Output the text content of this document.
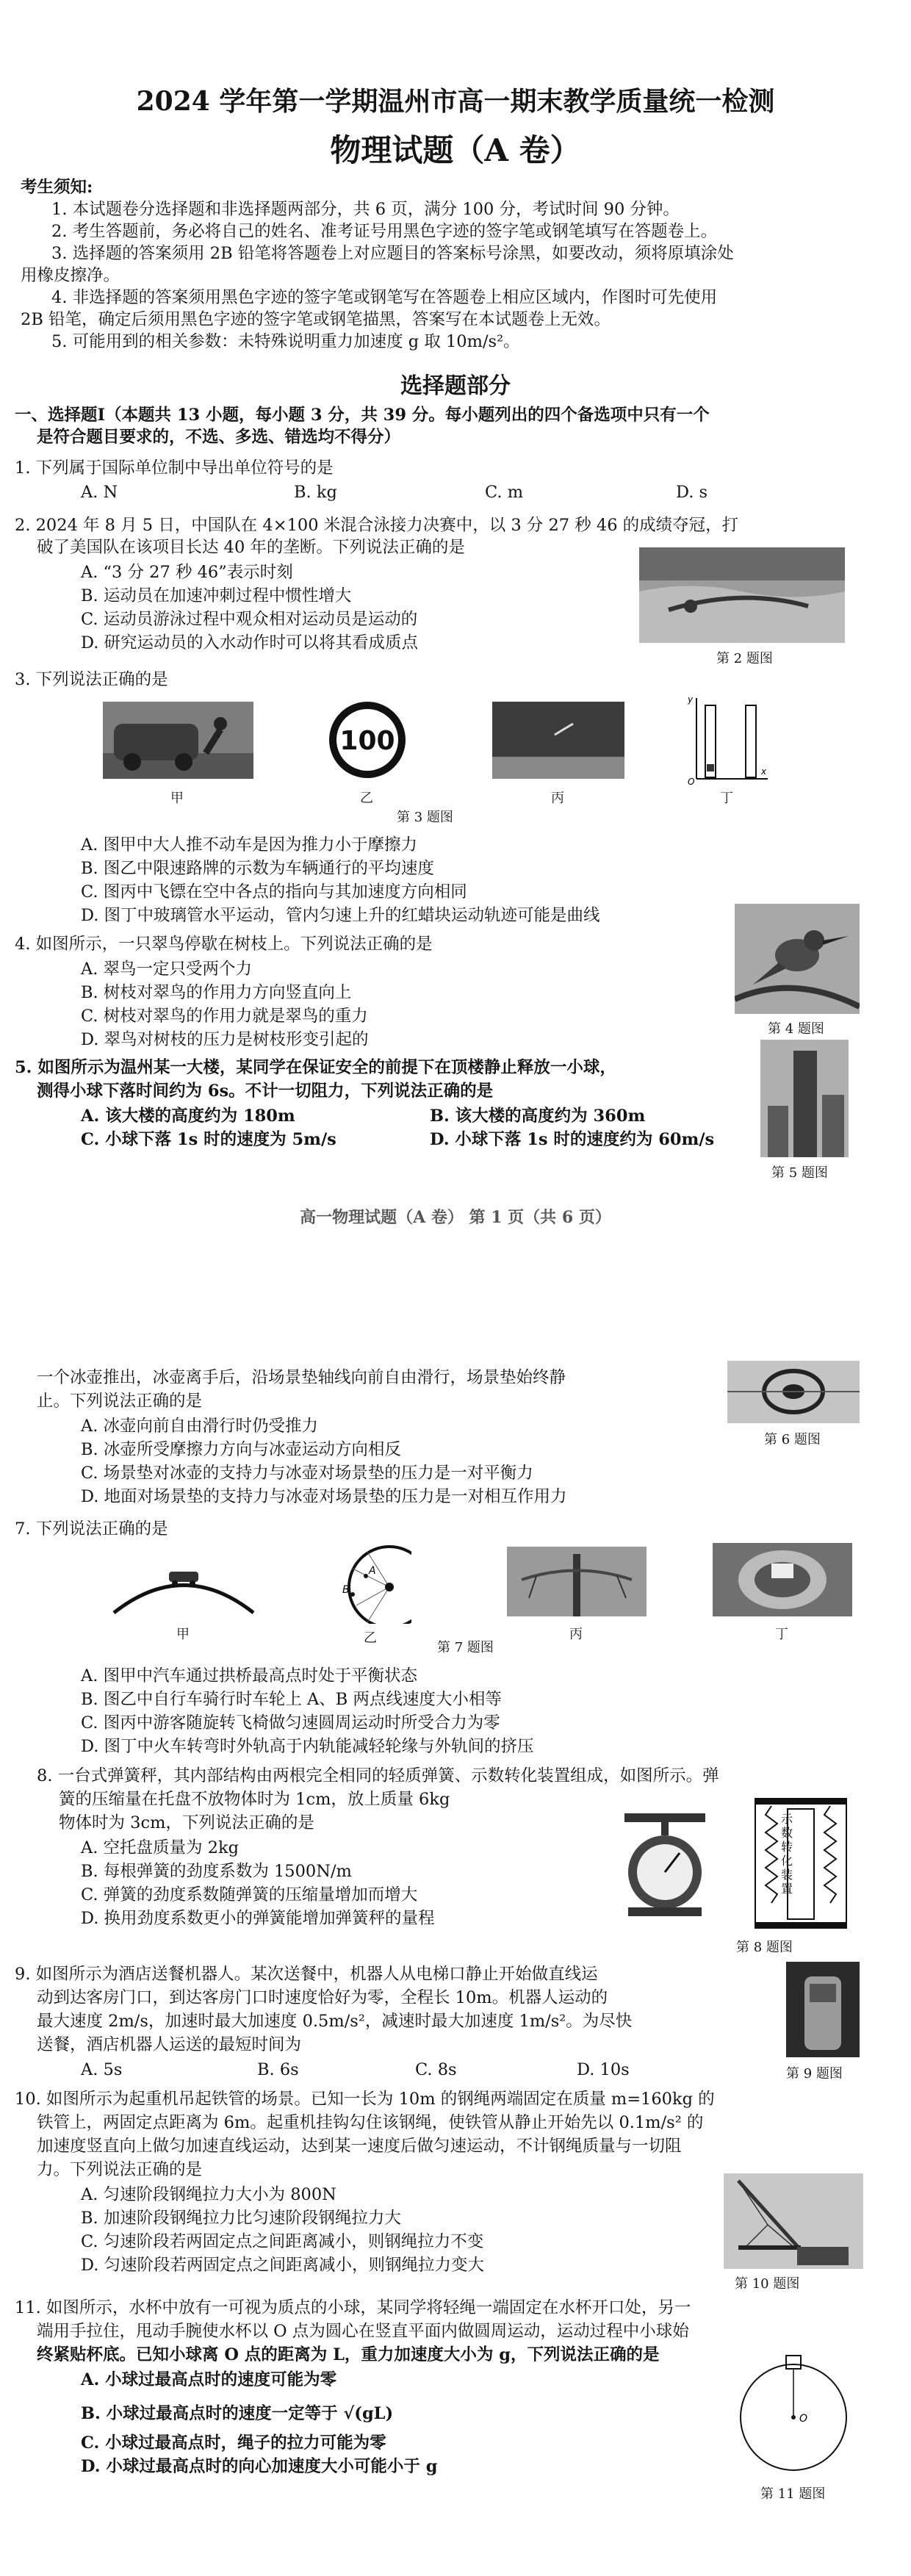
2024 学年第一学期温州市高一期末教学质量统一检测
物理试题（A 卷）
考生须知:
1. 本试题卷分选择题和非选择题两部分，共 6 页，满分 100 分，考试时间 90 分钟。
2. 考生答题前，务必将自己的姓名、准考证号用黑色字迹的签字笔或钢笔填写在答题卷上。
3. 选择题的答案须用 2B 铅笔将答题卷上对应题目的答案标号涂黑，如要改动，须将原填涂处
用橡皮擦净。
4. 非选择题的答案须用黑色字迹的签字笔或钢笔写在答题卷上相应区域内，作图时可先使用
2B 铅笔，确定后须用黑色字迹的签字笔或钢笔描黑，答案写在本试题卷上无效。
5. 可能用到的相关参数：未特殊说明重力加速度 g 取 10m/s²。
选择题部分
一、选择题Ⅰ（本题共 13 小题，每小题 3 分，共 39 分。每小题列出的四个备选项中只有一个
是符合题目要求的，不选、多选、错选均不得分）
1. 下列属于国际单位制中导出单位符号的是
A. N	B. kg	C. m	D. s
2. 2024 年 8 月 5 日，中国队在 4×100 米混合泳接力决赛中，以 3 分 27 秒 46 的成绩夺冠，打
破了美国队在该项目长达 40 年的垄断。下列说法正确的是
A. “3 分 27 秒 46”表示时刻
B. 运动员在加速冲刺过程中惯性增大
C. 运动员游泳过程中观众相对运动员是运动的
D. 研究运动员的入水动作时可以将其看成质点
第 2 题图
3. 下列说法正确的是
100
y
O
x
甲	乙	丙	丁
第 3 题图
A. 图甲中大人推不动车是因为推力小于摩擦力
B. 图乙中限速路牌的示数为车辆通行的平均速度
C. 图丙中飞镖在空中各点的指向与其加速度方向相同
D. 图丁中玻璃管水平运动，管内匀速上升的红蜡块运动轨迹可能是曲线
4. 如图所示，一只翠鸟停歇在树枝上。下列说法正确的是
A. 翠鸟一定只受两个力
B. 树枝对翠鸟的作用力方向竖直向上
C. 树枝对翠鸟的作用力就是翠鸟的重力
D. 翠鸟对树枝的压力是树枝形变引起的
第 4 题图
5. 如图所示为温州某一大楼，某同学在保证安全的前提下在顶楼静止释放一小球，
测得小球下落时间约为 6s。不计一切阻力，下列说法正确的是
A. 该大楼的高度约为 180m	B. 该大楼的高度约为 360m
C. 小球下落 1s 时的速度为 5m/s	D. 小球下落 1s 时的速度约为 60m/s
第 5 题图
高一物理试题（A 卷） 第 1 页（共 6 页）
一个冰壶推出，冰壶离手后，沿场景垫轴线向前自由滑行，场景垫始终静
止。下列说法正确的是
A. 冰壶向前自由滑行时仍受推力
B. 冰壶所受摩擦力方向与冰壶运动方向相反
C. 场景垫对冰壶的支持力与冰壶对场景垫的压力是一对平衡力
D. 地面对场景垫的支持力与冰壶对场景垫的压力是一对相互作用力
第 6 题图
7. 下列说法正确的是
A
B
甲	乙	丙	丁
第 7 题图
A. 图甲中汽车通过拱桥最高点时处于平衡状态
B. 图乙中自行车骑行时车轮上 A、B 两点线速度大小相等
C. 图丙中游客随旋转飞椅做匀速圆周运动时所受合力为零
D. 图丁中火车转弯时外轨高于内轨能减轻轮缘与外轨间的挤压
8. 一台式弹簧秤，其内部结构由两根完全相同的轻质弹簧、示数转化装置组成，如图所示。弹
簧的压缩量在托盘不放物体时为 1cm，放上质量 6kg
物体时为 3cm，下列说法正确的是
A. 空托盘质量为 2kg
B. 每根弹簧的劲度系数为 1500N/m
C. 弹簧的劲度系数随弹簧的压缩量增加而增大
D. 换用劲度系数更小的弹簧能增加弹簧秤的量程
示数转化装置
第 8 题图
9. 如图所示为酒店送餐机器人。某次送餐中，机器人从电梯口静止开始做直线运
动到达客房门口，到达客房门口时速度恰好为零，全程长 10m。机器人运动的
最大速度 2m/s，加速时最大加速度 0.5m/s²，减速时最大加速度 1m/s²。为尽快
送餐，酒店机器人运送的最短时间为
A. 5s	B. 6s	C. 8s	D. 10s	第 9 题图
10. 如图所示为起重机吊起铁管的场景。已知一长为 10m 的钢绳两端固定在质量 m=160kg 的
铁管上，两固定点距离为 6m。起重机挂钩勾住该钢绳，使铁管从静止开始先以 0.1m/s² 的
加速度竖直向上做匀加速直线运动，达到某一速度后做匀速运动，不计钢绳质量与一切阻
力。下列说法正确的是
A. 匀速阶段钢绳拉力大小为 800N
B. 加速阶段钢绳拉力比匀速阶段钢绳拉力大
C. 匀速阶段若两固定点之间距离减小，则钢绳拉力不变
D. 匀速阶段若两固定点之间距离减小，则钢绳拉力变大
第 10 题图
11. 如图所示，水杯中放有一可视为质点的小球，某同学将轻绳一端固定在水杯开口处，另一
端用手拉住，甩动手腕使水杯以 O 点为圆心在竖直平面内做圆周运动，运动过程中小球始
终紧贴杯底。已知小球离 O 点的距离为 L，重力加速度大小为 g，下列说法正确的是
A. 小球过最高点时的速度可能为零
B. 小球过最高点时的速度一定等于 √(gL)
C. 小球过最高点时，绳子的拉力可能为零
D. 小球过最高点时的向心加速度大小可能小于 g
O
第 11 题图
